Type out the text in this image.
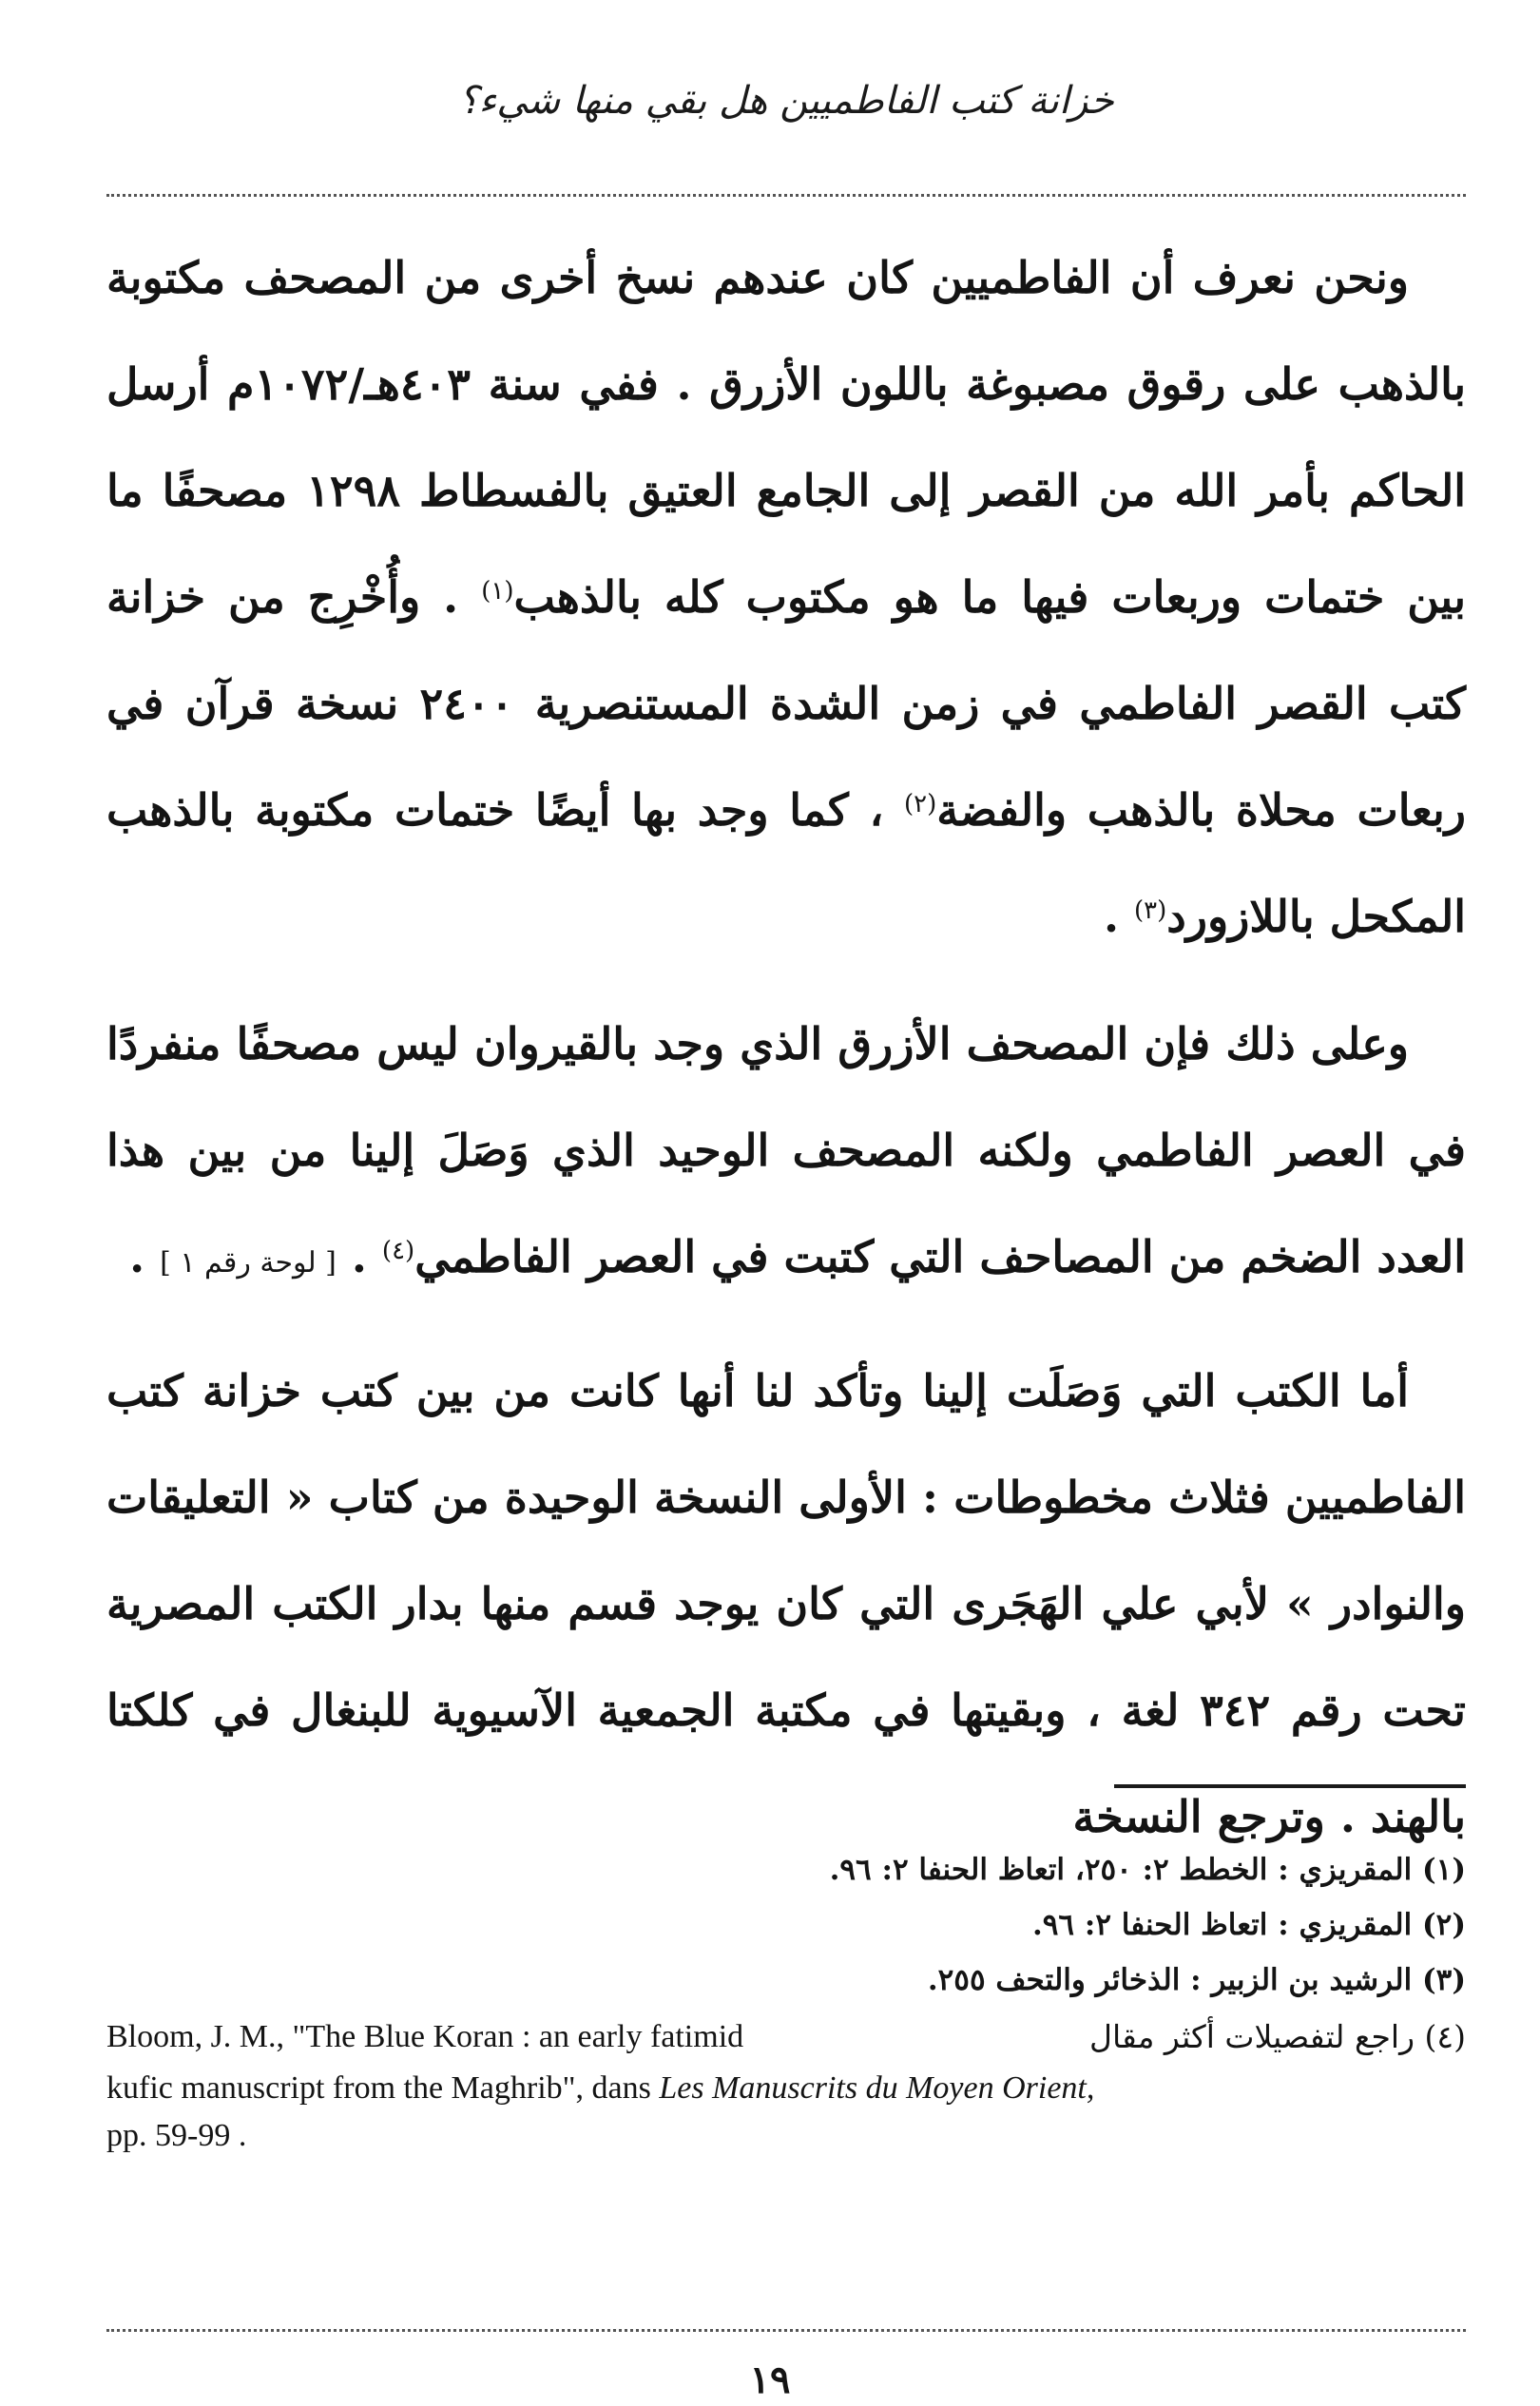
خزانة كتب الفاطميين هل بقي منها شيء؟

ونحن نعرف أن الفاطميين كان عندهم نسخ أخرى من المصحف مكتوبة بالذهب على رقوق مصبوغة باللون الأزرق . ففي سنة ٤٠٣هـ/١٠٧٢م أرسل الحاكم بأمر الله من القصر إلى الجامع العتيق بالفسطاط ١٢٩٨ مصحفًا ما بين ختمات وربعات فيها ما هو مكتوب كله بالذهب$^{(١)}$ . وأُخْرِج من خزانة كتب القصر الفاطمي في زمن الشدة المستنصرية ٢٤٠٠ نسخة قرآن في ربعات محلاة بالذهب والفضة$^{(٢)}$ ، كما وجد بها أيضًا ختمات مكتوبة بالذهب المكحل باللازورد$^{(٣)}$ .

وعلى ذلك فإن المصحف الأزرق الذي وجد بالقيروان ليس مصحفًا منفردًا في العصر الفاطمي ولكنه المصحف الوحيد الذي وَصَلَ إلينا من بين هذا العدد الضخم من المصاحف التي كتبت في العصر الفاطمي$^{(٤)}$ . [ لوحة رقم ١ ] .

أما الكتب التي وَصَلَت إلينا وتأكد لنا أنها كانت من بين كتب خزانة كتب الفاطميين فثلاث مخطوطات : الأولى النسخة الوحيدة من كتاب « التعليقات والنوادر » لأبي علي الهَجَرى التي كان يوجد قسم منها بدار الكتب المصرية تحت رقم ٣٤٢ لغة ، وبقيتها في مكتبة الجمعية الآسيوية للبنغال في كلكتا بالهند . وترجع النسخة

(١) المقريزي : الخطط ٢: ٢٥٠، اتعاظ الحنفا ٢: ٩٦.
(٢) المقريزي : اتعاظ الحنفا ٢: ٩٦.
(٣) الرشيد بن الزبير : الذخائر والتحف ٢٥٥.
(٤) راجع لتفصيلات أكثر مقال
Bloom, J. M., "The Blue Koran : an early fatimid
kufic manuscript from the Maghrib", dans Les Manuscrits du Moyen Orient,
pp. 59-99 .
١٩
